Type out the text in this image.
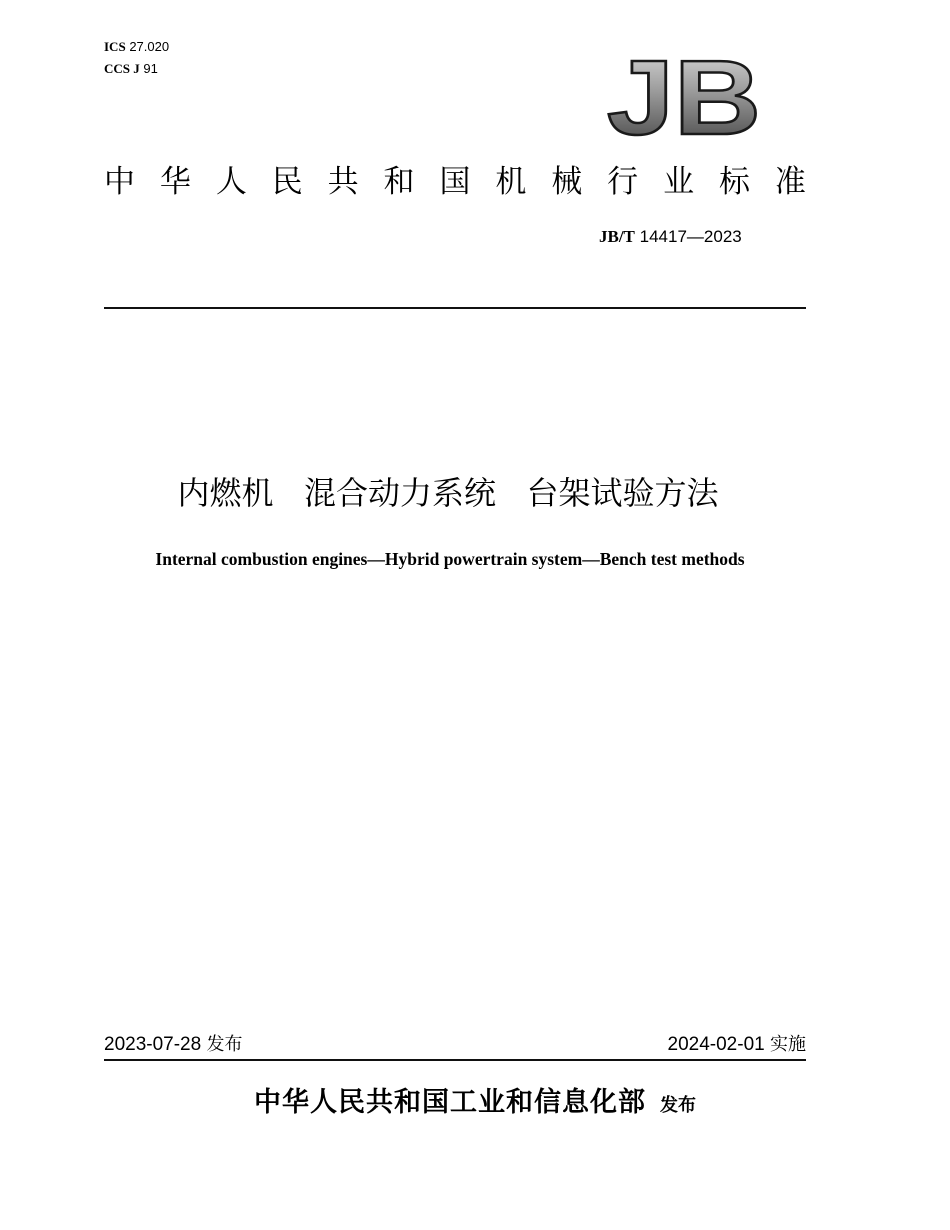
ICS 27.020
CCS J 91	JB
中 华 人 民 共 和 国 机 械 行 业 标 准
JB/T 14417—2023
内燃机   混合动力系统   台架试验方法
Internal combustion engines—Hybrid powertrain system—Bench test methods
2023-07-28 发布	2024-02-01 实施
中华人民共和国工业和信息化部 发布
